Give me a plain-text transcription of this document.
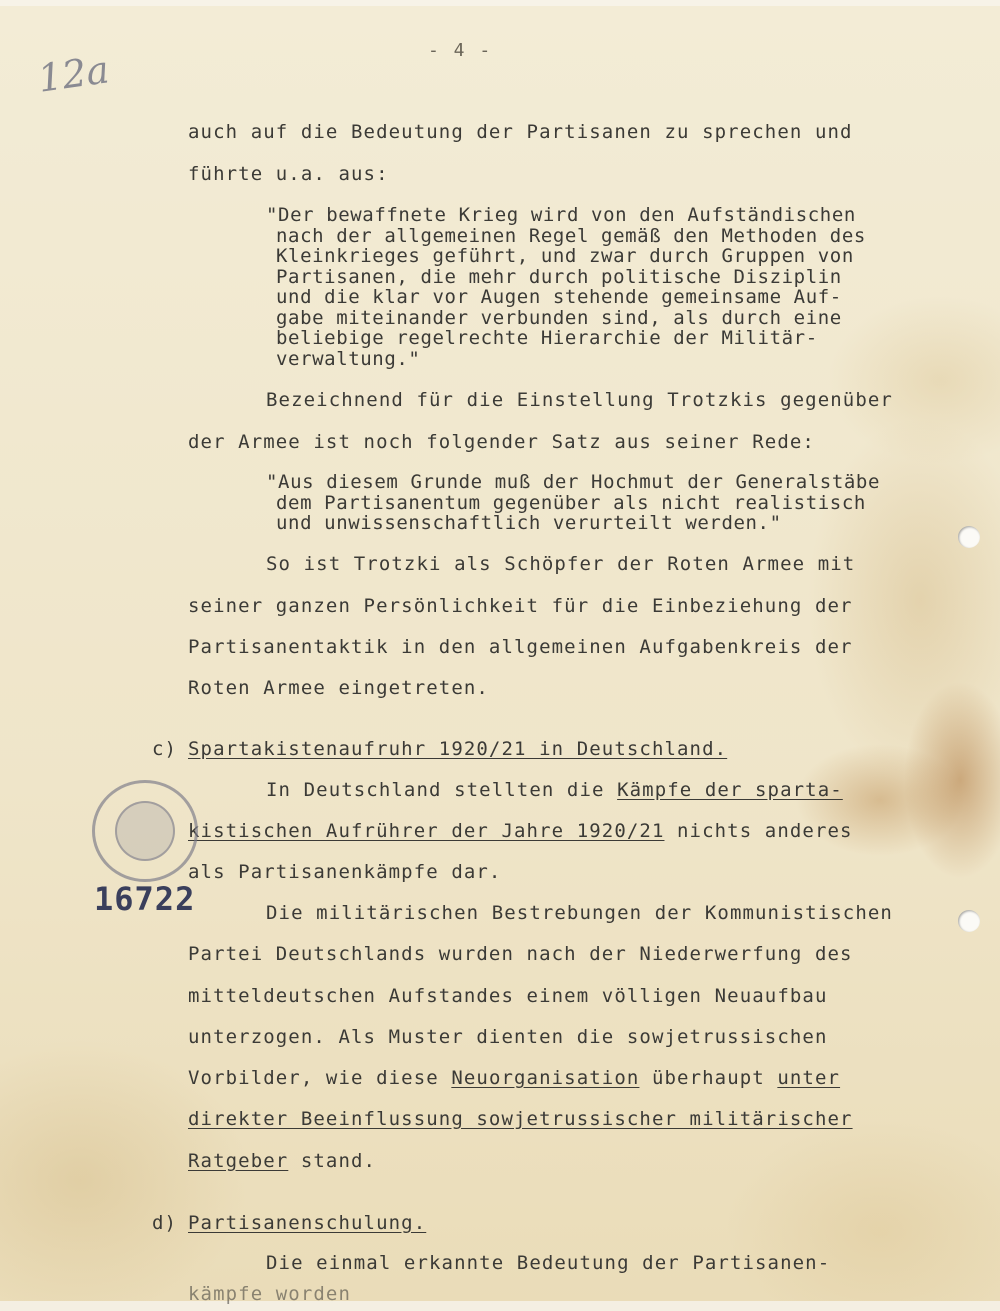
12a	- 4 -
auch auf die Bedeutung der Partisanen zu sprechen und
führte u.a. aus:
"Der bewaffnete Krieg wird von den Aufständischen
nach der allgemeinen Regel gemäß den Methoden des
Kleinkrieges geführt, und zwar durch Gruppen von
Partisanen, die mehr durch politische Disziplin
und die klar vor Augen stehende gemeinsame Auf-
gabe miteinander verbunden sind, als durch eine
beliebige regelrechte Hierarchie der Militär-
verwaltung."
Bezeichnend für die Einstellung Trotzkis gegenüber
der Armee ist noch folgender Satz aus seiner Rede:
"Aus diesem Grunde muß der Hochmut der Generalstäbe
dem Partisanentum gegenüber als nicht realistisch
und unwissenschaftlich verurteilt werden."
So ist Trotzki als Schöpfer der Roten Armee mit
seiner ganzen Persönlichkeit für die Einbeziehung der
Partisanentaktik in den allgemeinen Aufgabenkreis der
Roten Armee eingetreten.
c) Spartakistenaufruhr 1920/21 in Deutschland.
In Deutschland stellten die Kämpfe der sparta-
kistischen Aufrührer der Jahre 1920/21 nichts anderes
als Partisanenkämpfe dar.
Die militärischen Bestrebungen der Kommunistischen
Partei Deutschlands wurden nach der Niederwerfung des
mitteldeutschen Aufstandes einem völligen Neuaufbau
unterzogen. Als Muster dienten die sowjetrussischen
Vorbilder, wie diese Neuorganisation überhaupt unter
direkter Beeinflussung sowjetrussischer militärischer
Ratgeber stand.
d) Partisanenschulung.
Die einmal erkannte Bedeutung der Partisanen-
kämpfe worden
16722
